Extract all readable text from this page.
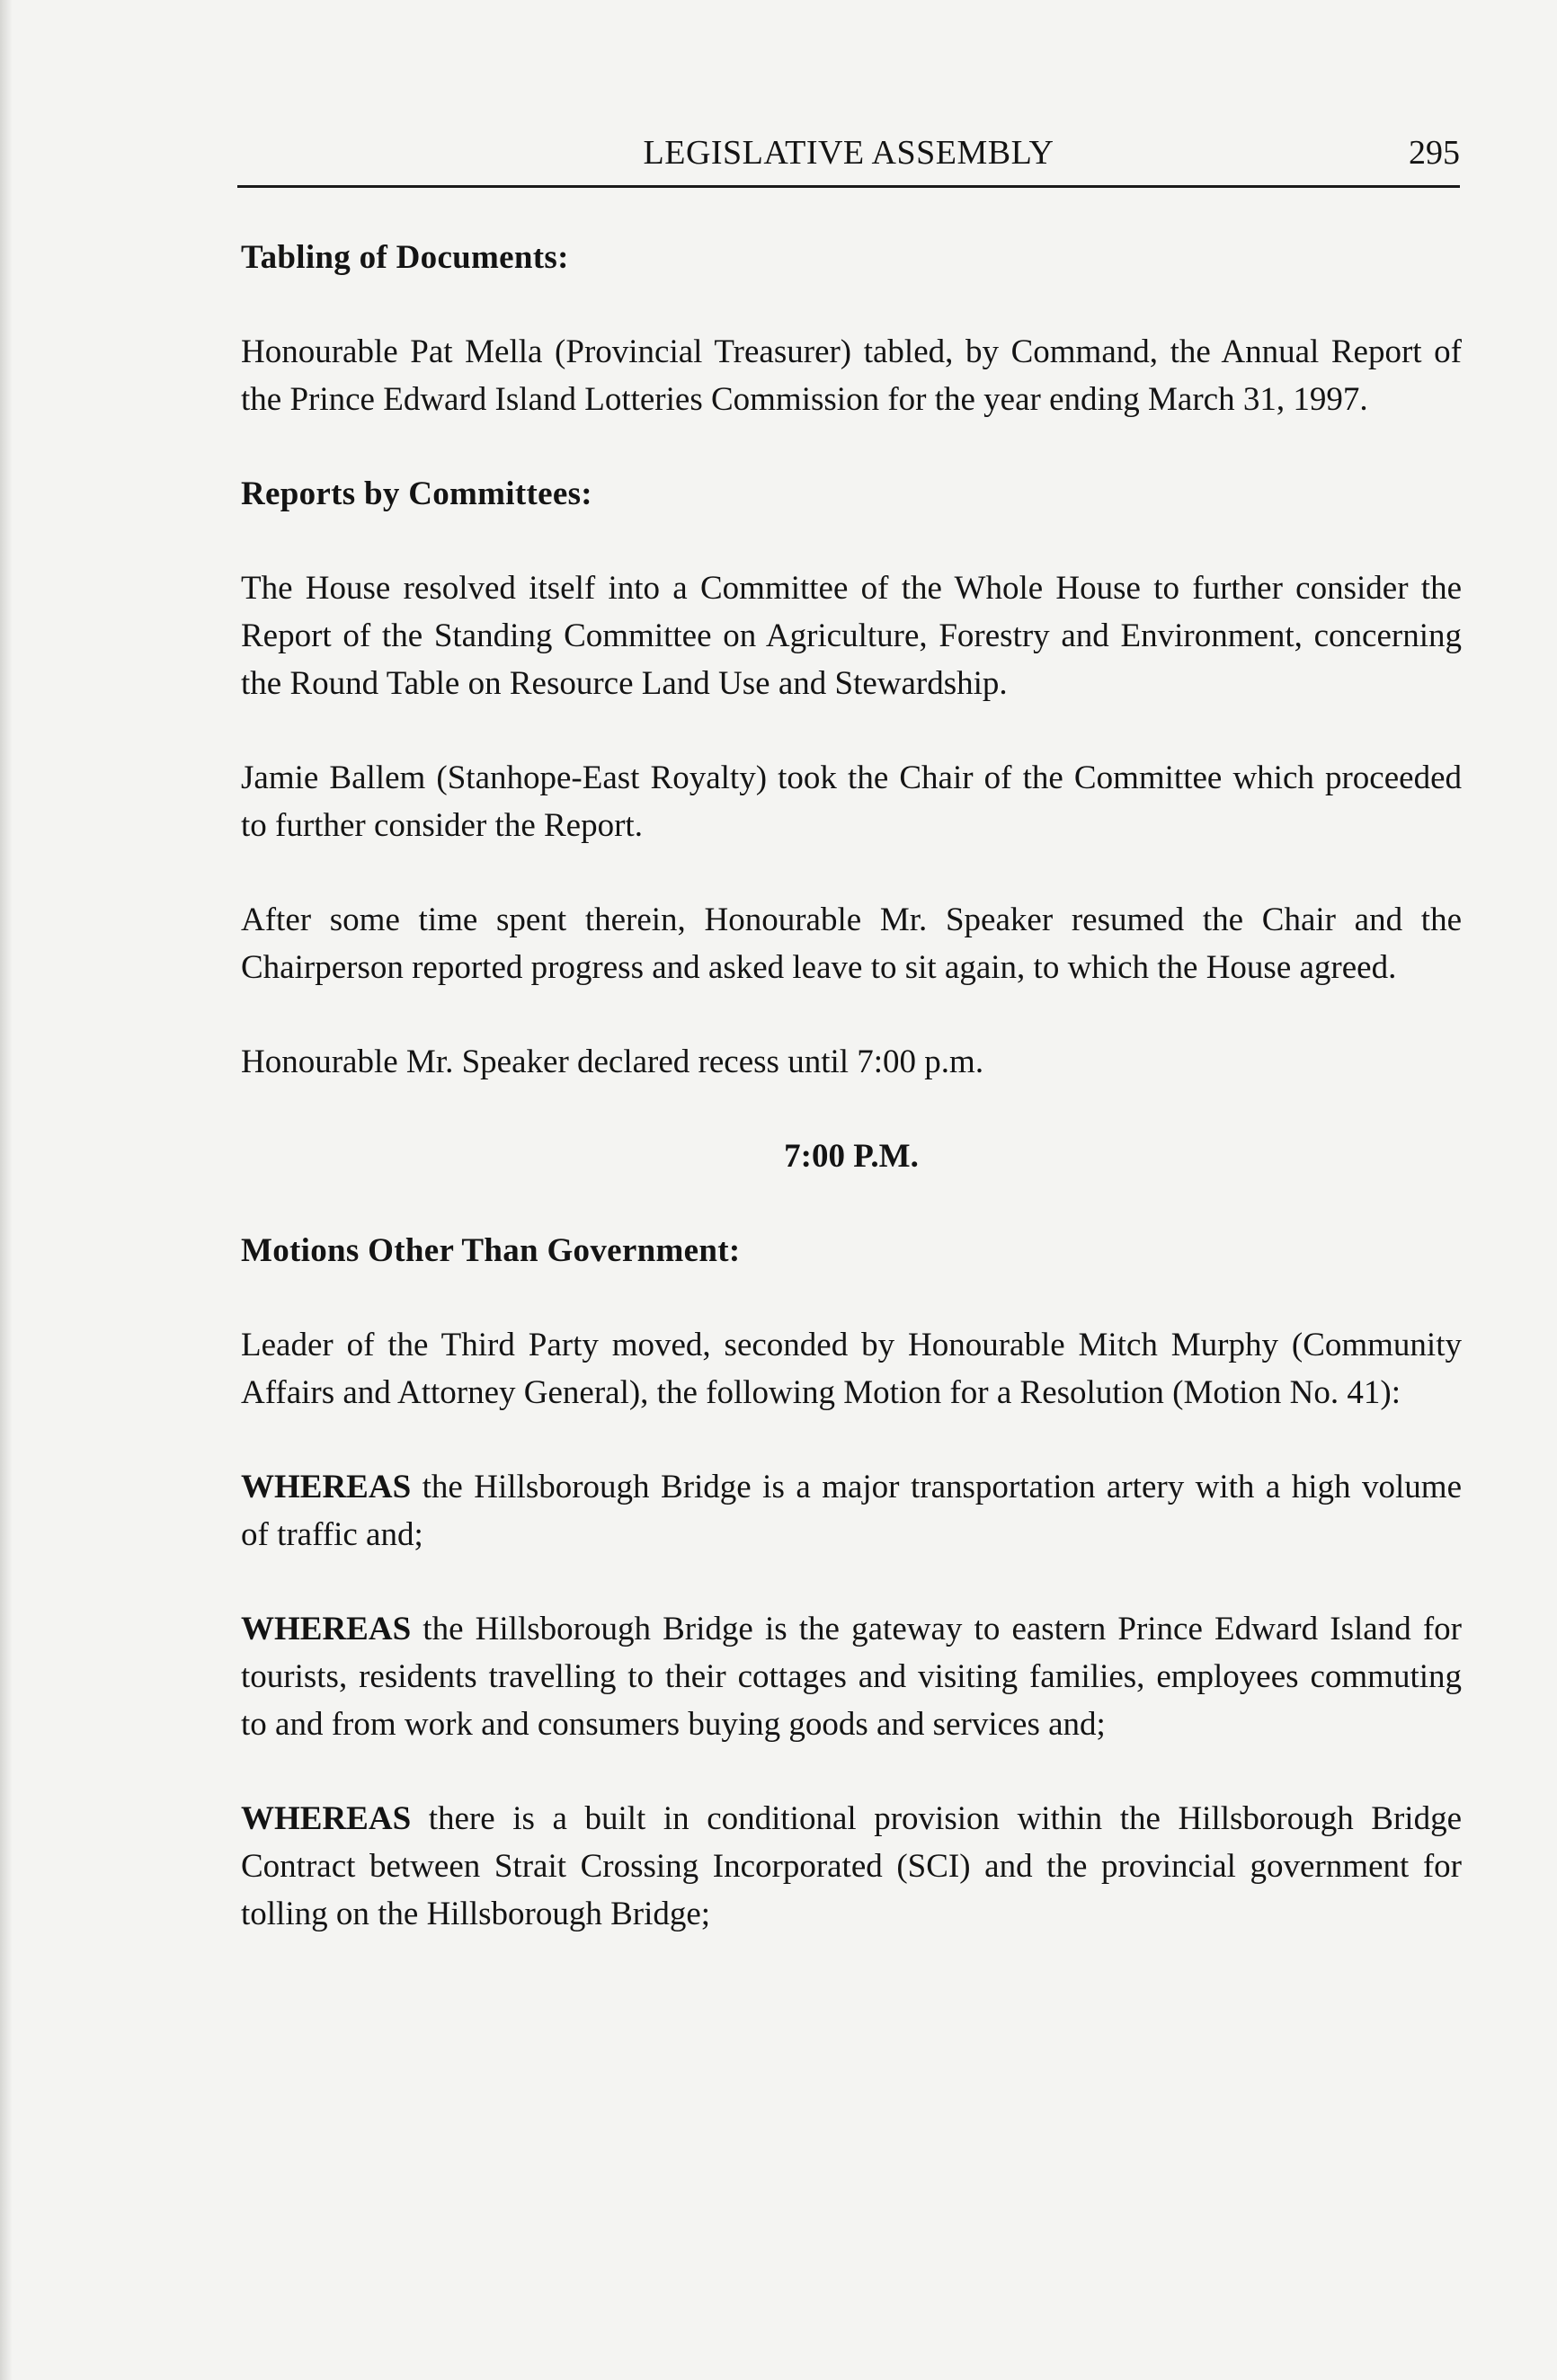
LEGISLATIVE ASSEMBLY	295
Tabling of Documents:
Honourable Pat Mella (Provincial Treasurer) tabled, by Command, the Annual Report of the Prince Edward Island Lotteries Commission for the year ending March 31, 1997.
Reports by Committees:
The House resolved itself into a Committee of the Whole House to further consider the Report of the Standing Committee on Agriculture, Forestry and Environment, concerning the Round Table on Resource Land Use and Stewardship.
Jamie Ballem (Stanhope-East Royalty) took the Chair of the Committee which proceeded to further consider the Report.
After some time spent therein, Honourable Mr. Speaker resumed the Chair and the Chairperson reported progress and asked leave to sit again, to which the House agreed.
Honourable Mr. Speaker declared recess until 7:00 p.m.
7:00 P.M.
Motions Other Than Government:
Leader of the Third Party moved, seconded by Honourable Mitch Murphy (Community Affairs and Attorney General), the following Motion for a Resolution (Motion No. 41):
WHEREAS the Hillsborough Bridge is a major transportation artery with a high volume of traffic and;
WHEREAS the Hillsborough Bridge is the gateway to eastern Prince Edward Island for tourists, residents travelling to their cottages and visiting families, employees commuting to and from work and consumers buying goods and services and;
WHEREAS there is a built in conditional provision within the Hillsborough Bridge Contract between Strait Crossing Incorporated (SCI) and the provincial government for tolling on the Hillsborough Bridge;
